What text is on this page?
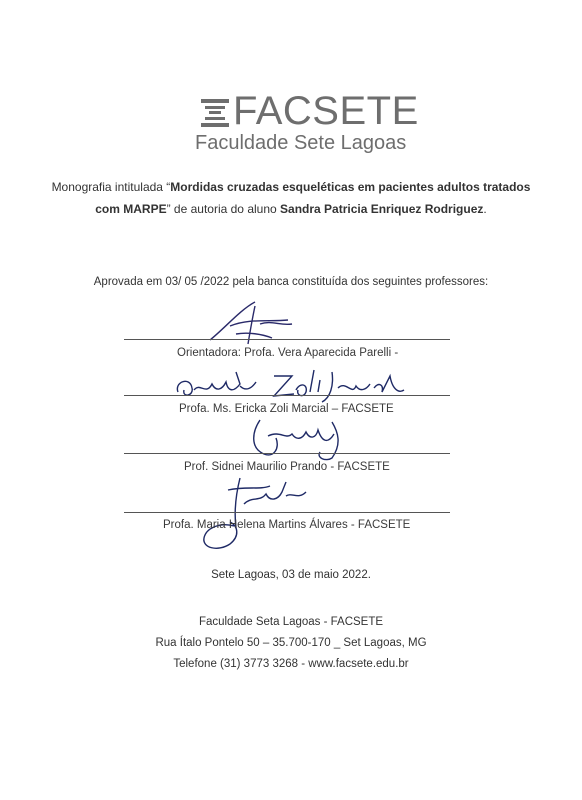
FACSETE
Faculdade Sete Lagoas
Monografia intitulada “Mordidas cruzadas esqueléticas em pacientes adultos tratados com MARPE” de autoria do aluno Sandra Patricia Enriquez Rodriguez.
Aprovada em 03/ 05 /2022 pela banca constituída dos seguintes professores:
Orientadora: Profa. Vera Aparecida Parelli -
Profa. Ms. Ericka Zoli Marcial – FACSETE
Prof. Sidnei Maurilio Prando - FACSETE
Profa. Maria Helena Martins Álvares - FACSETE
Sete Lagoas, 03 de maio 2022.
Faculdade Seta Lagoas - FACSETE
Rua Ítalo Pontelo 50 – 35.700-170 _ Set Lagoas, MG
Telefone (31) 3773 3268 - www.facsete.edu.br
